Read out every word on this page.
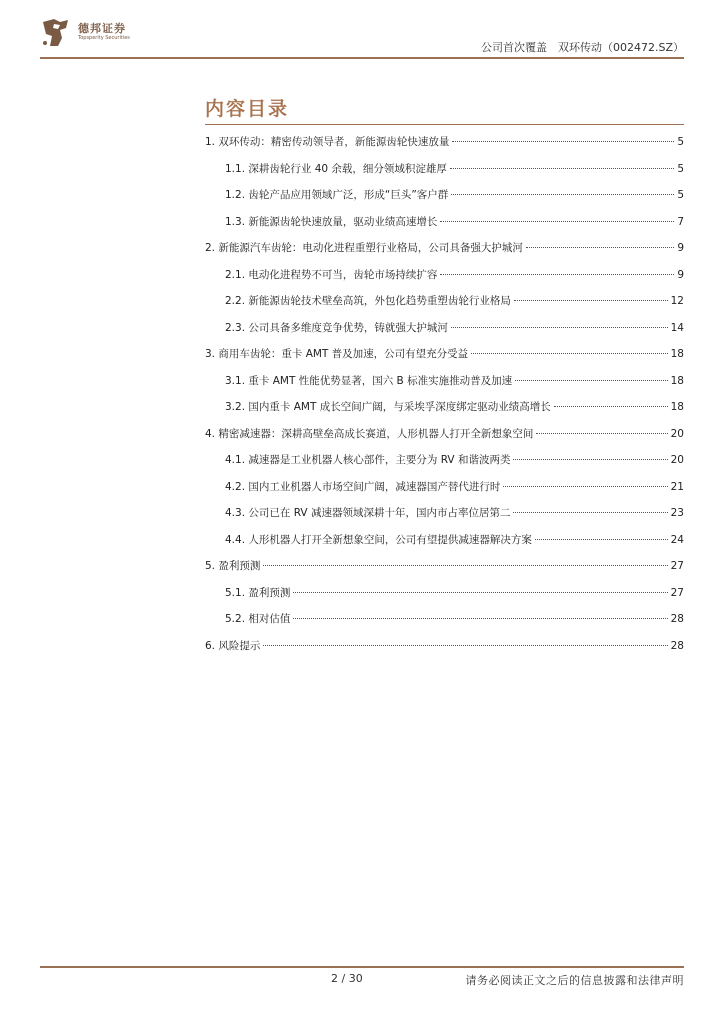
德邦证券
Topsperity Securities
公司首次覆盖　双环传动（002472.SZ）
内容目录
1. 双环传动：精密传动领导者，新能源齿轮快速放量	5
1.1. 深耕齿轮行业 40 余载，细分领域积淀雄厚	5
1.2. 齿轮产品应用领域广泛，形成“巨头”客户群	5
1.3. 新能源齿轮快速放量，驱动业绩高速增长	7
2. 新能源汽车齿轮：电动化进程重塑行业格局，公司具备强大护城河	9
2.1. 电动化进程势不可当，齿轮市场持续扩容	9
2.2. 新能源齿轮技术壁垒高筑，外包化趋势重塑齿轮行业格局	12
2.3. 公司具备多维度竞争优势，铸就强大护城河	14
3. 商用车齿轮：重卡 AMT 普及加速，公司有望充分受益	18
3.1. 重卡 AMT 性能优势显著，国六 B 标准实施推动普及加速	18
3.2. 国内重卡 AMT 成长空间广阔，与采埃孚深度绑定驱动业绩高增长	18
4. 精密减速器：深耕高壁垒高成长赛道，人形机器人打开全新想象空间	20
4.1. 减速器是工业机器人核心部件，主要分为 RV 和谐波两类	20
4.2. 国内工业机器人市场空间广阔，减速器国产替代进行时	21
4.3. 公司已在 RV 减速器领域深耕十年，国内市占率位居第二	23
4.4. 人形机器人打开全新想象空间，公司有望提供减速器解决方案	24
5. 盈利预测	27
5.1. 盈利预测	27
5.2. 相对估值	28
6. 风险提示	28
2 / 30	请务必阅读正文之后的信息披露和法律声明
